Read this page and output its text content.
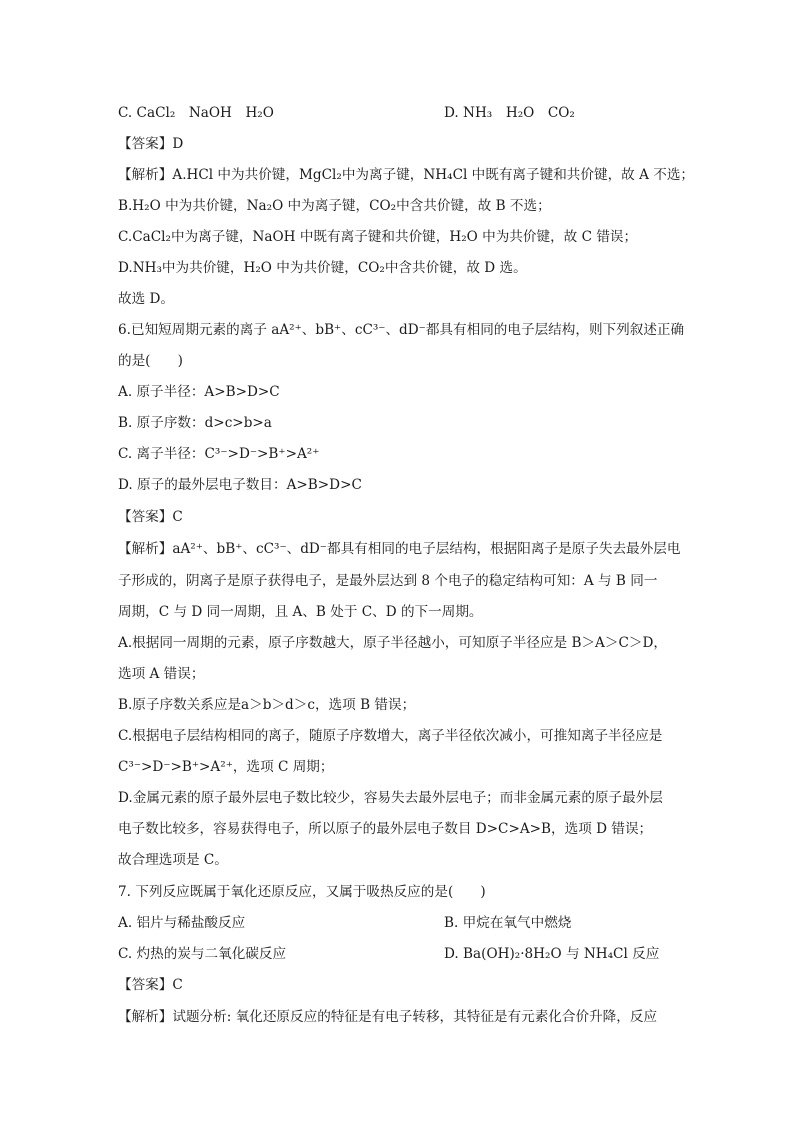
C. CaCl₂　NaOH　H₂O	D. NH₃　H₂O　CO₂
【答案】D
【解析】A.HCl 中为共价键，MgCl₂中为离子键，NH₄Cl 中既有离子键和共价键，故 A 不选；
B.H₂O 中为共价键，Na₂O 中为离子键，CO₂中含共价键，故 B 不选；
C.CaCl₂中为离子键，NaOH 中既有离子键和共价键，H₂O 中为共价键，故 C 错误；
D.NH₃中为共价键，H₂O 中为共价键，CO₂中含共价键，故 D 选。
故选 D。
6.已知短周期元素的离子 aA²⁺、bB⁺、cC³⁻、dD⁻都具有相同的电子层结构，则下列叙述正确
的是(　　)
A. 原子半径：A>B>D>C
B. 原子序数：d>c>b>a
C. 离子半径：C³⁻>D⁻>B⁺>A²⁺
D. 原子的最外层电子数目：A>B>D>C
【答案】C
【解析】aA²⁺、bB⁺、cC³⁻、dD⁻都具有相同的电子层结构，根据阳离子是原子失去最外层电
子形成的，阴离子是原子获得电子，是最外层达到 8 个电子的稳定结构可知：A 与 B 同一
周期，C 与 D 同一周期，且 A、B 处于 C、D 的下一周期。
A.根据同一周期的元素，原子序数越大，原子半径越小，可知原子半径应是 B＞A＞C＞D，
选项 A 错误；
B.原子序数关系应是a＞b＞d＞c，选项 B 错误；
C.根据电子层结构相同的离子，随原子序数增大，离子半径依次减小，可推知离子半径应是
C³⁻>D⁻>B⁺>A²⁺，选项 C 周期；
D.金属元素的原子最外层电子数比较少，容易失去最外层电子；而非金属元素的原子最外层
电子数比较多，容易获得电子，所以原子的最外层电子数目 D>C>A>B，选项 D 错误；
故合理选项是 C。
7. 下列反应既属于氧化还原反应，又属于吸热反应的是(　　)
A. 铝片与稀盐酸反应	B. 甲烷在氧气中燃烧
C. 灼热的炭与二氧化碳反应	D. Ba(OH)₂·8H₂O 与 NH₄Cl 反应
【答案】C
【解析】试题分析: 氧化还原反应的特征是有电子转移，其特征是有元素化合价升降，反应
